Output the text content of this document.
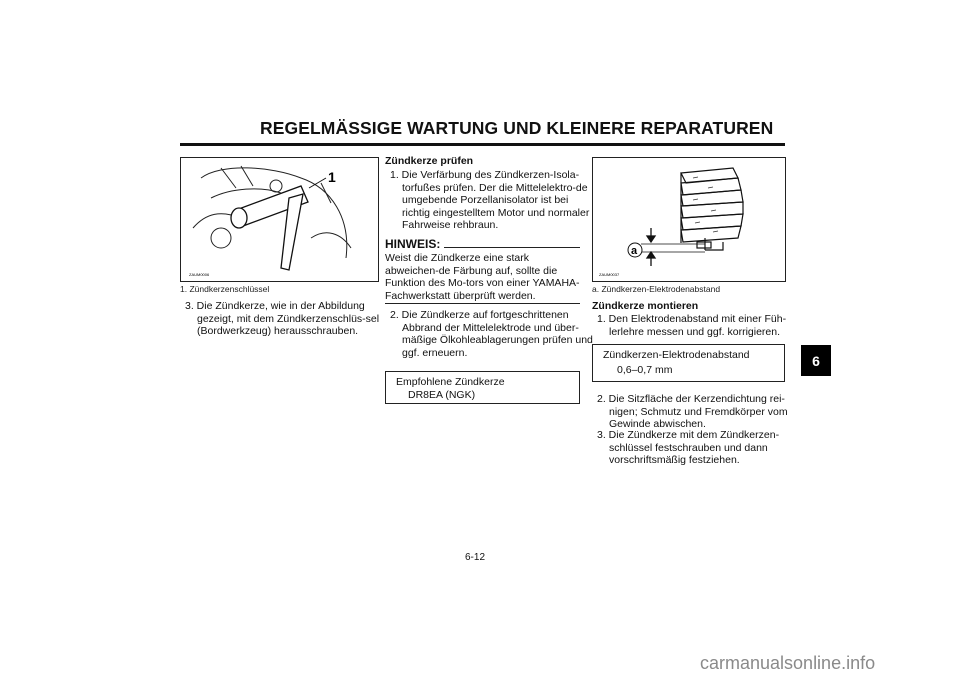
REGELMÄSSIGE WARTUNG UND KLEINERE REPARATUREN
1
ZAUM0006
1. Zündkerzenschlüssel
3. Die Zündkerze, wie in der Abbildung gezeigt, mit dem Zündkerzenschlüs-sel (Bordwerkzeug) herausschrauben.
Zündkerze prüfen
1. Die Verfärbung des Zündkerzen-Isola-torfußes prüfen. Der die Mittelelektro-de umgebende Porzellanisolator ist bei richtig eingestelltem Motor und normaler Fahrweise rehbraun.
HINWEIS:
Weist die Zündkerze eine stark abweichen-de Färbung auf, sollte die Funktion des Mo-tors von einer YAMAHA-Fachwerkstatt überprüft werden.
2. Die Zündkerze auf fortgeschrittenen Abbrand der Mittelelektrode und über-mäßige Ölkohleablagerungen prüfen und ggf. erneuern.
Empfohlene Zündkerze
DR8EA (NGK)
a
ZAUM0037
a. Zündkerzen-Elektrodenabstand
Zündkerze montieren
1. Den Elektrodenabstand mit einer Füh-lerlehre messen und ggf. korrigieren.
Zündkerzen-Elektrodenabstand
0,6–0,7 mm
2. Die Sitzfläche der Kerzendichtung rei-nigen; Schmutz und Fremdkörper vom Gewinde abwischen.
3. Die Zündkerze mit dem Zündkerzen-schlüssel festschrauben und dann vorschriftsmäßig festziehen.
6
6-12
carmanualsonline.info
